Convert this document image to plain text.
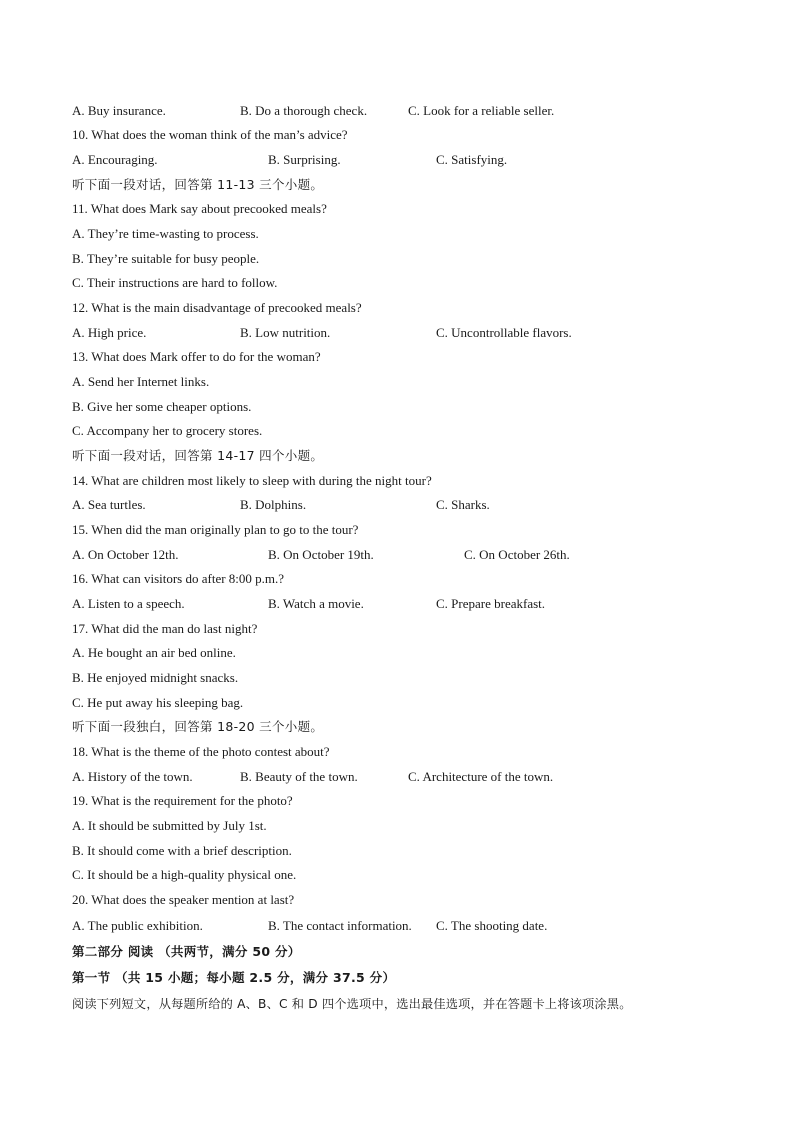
A. Buy insurance.	B. Do a thorough check.	C. Look for a reliable seller.
10. What does the woman think of the man’s advice?
A. Encouraging.	B. Surprising.	C. Satisfying.
听下面一段对话，回答第 11-13 三个小题。
11. What does Mark say about precooked meals?
A. They’re time-wasting to process.
B. They’re suitable for busy people.
C. Their instructions are hard to follow.
12. What is the main disadvantage of precooked meals?
A. High price.	B. Low nutrition.	C. Uncontrollable flavors.
13. What does Mark offer to do for the woman?
A. Send her Internet links.
B. Give her some cheaper options.
C. Accompany her to grocery stores.
听下面一段对话，回答第 14-17 四个小题。
14. What are children most likely to sleep with during the night tour?
A. Sea turtles.	B. Dolphins.	C. Sharks.
15. When did the man originally plan to go to the tour?
A. On October 12th.	B. On October 19th.	C. On October 26th.
16. What can visitors do after 8:00 p.m.?
A. Listen to a speech.	B. Watch a movie.	C. Prepare breakfast.
17. What did the man do last night?
A. He bought an air bed online.
B. He enjoyed midnight snacks.
C. He put away his sleeping bag.
听下面一段独白，回答第 18-20 三个小题。
18. What is the theme of the photo contest about?
A. History of the town.	B. Beauty of the town.	C. Architecture of the town.
19. What is the requirement for the photo?
A. It should be submitted by July 1st.
B. It should come with a brief description.
C. It should be a high-quality physical one.
20. What does the speaker mention at last?
A. The public exhibition.	B. The contact information. C. The shooting date.
第二部分 阅读 （共两节，满分 50 分）
第一节 （共 15 小题；每小题 2.5 分，满分 37.5 分）
阅读下列短文，从每题所给的 A、B、C 和 D 四个选项中，选出最佳选项，并在答题卡上将该项涂黑。
